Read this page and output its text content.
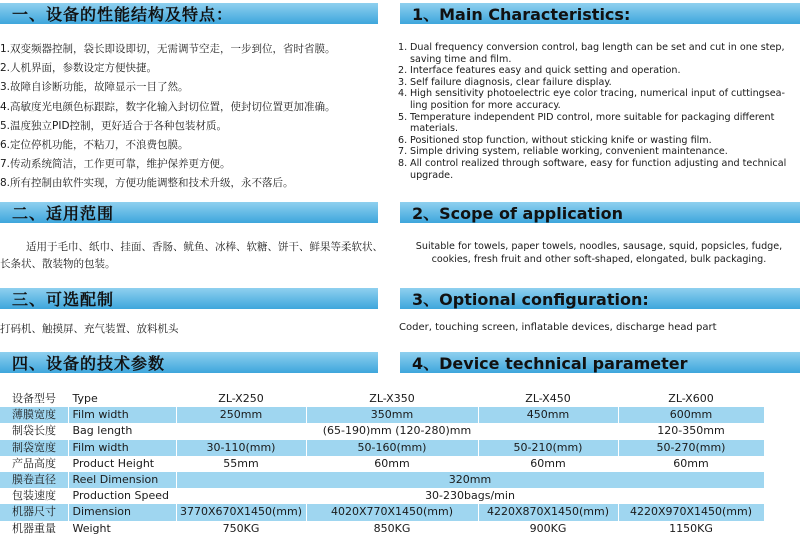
一、设备的性能结构及特点：	1、Main Characteristics:
1.双变频器控制，袋长即设即切，无需调节空走，一步到位，省时省膜。
2.人机界面，参数设定方便快捷。
3.故障自诊断功能，故障显示一目了然。
4.高敏度光电颜色标跟踪，数字化输入封切位置，使封切位置更加准确。
5.温度独立PID控制，更好适合于各种包装材质。
6.定位停机功能，不粘刀，不浪费包膜。
7.传动系统简洁，工作更可靠，维护保养更方便。
8.所有控制由软件实现，方便功能调整和技术升级，永不落后。
1. Dual frequency conversion control, bag length can be set and cut in one step, saving time and film.
2. Interface features easy and quick setting and operation.
3. Self failure diagnosis, clear failure display.
4. High sensitivity photoelectric eye color tracing, numerical input of cuttingsea-ling position for more accuracy.
5. Temperature independent PID control, more suitable for packaging different materials.
6. Positioned stop function, without sticking knife or wasting film.
7. Simple driving system, reliable working, convenient maintenance.
8. All control realized through software, easy for function adjusting and technical upgrade.
二、适用范围	2、Scope of application
适用于毛巾、纸巾、挂面、香肠、鱿鱼、冰棒、软糖、饼干、鲜果等柔软状、长条状、散装物的包装。
Suitable for towels, paper towels, noodles, sausage, squid, popsicles, fudge, cookies, fresh fruit and other soft-shaped, elongated, bulk packaging.
三、可选配制	3、Optional configuration:
打码机、触摸屏、充气装置、放料机头	Coder, touching screen, inflatable devices, discharge head part
四、设备的技术参数	4、Device technical parameter
设备型号	Type	ZL-X250	ZL-X350	ZL-X450	ZL-X600
薄膜宽度	Film width	250mm	350mm	450mm	600mm
制袋长度	Bag length	(65-190)mm (120-280)mm			120-350mm
制袋宽度	Film width	30-110(mm)	50-160(mm)	50-210(mm)	50-270(mm)
产品高度	Product Height	55mm	60mm	60mm	60mm
膜卷直径	Reel Dimension	320mm			
包装速度	Production Speed	30-230bags/min			
机器尺寸	Dimension	3770X670X1450(mm)	4020X770X1450(mm)	4220X870X1450(mm)	4220X970X1450(mm)
机器重量	Weight	750KG	850KG	900KG	1150KG
